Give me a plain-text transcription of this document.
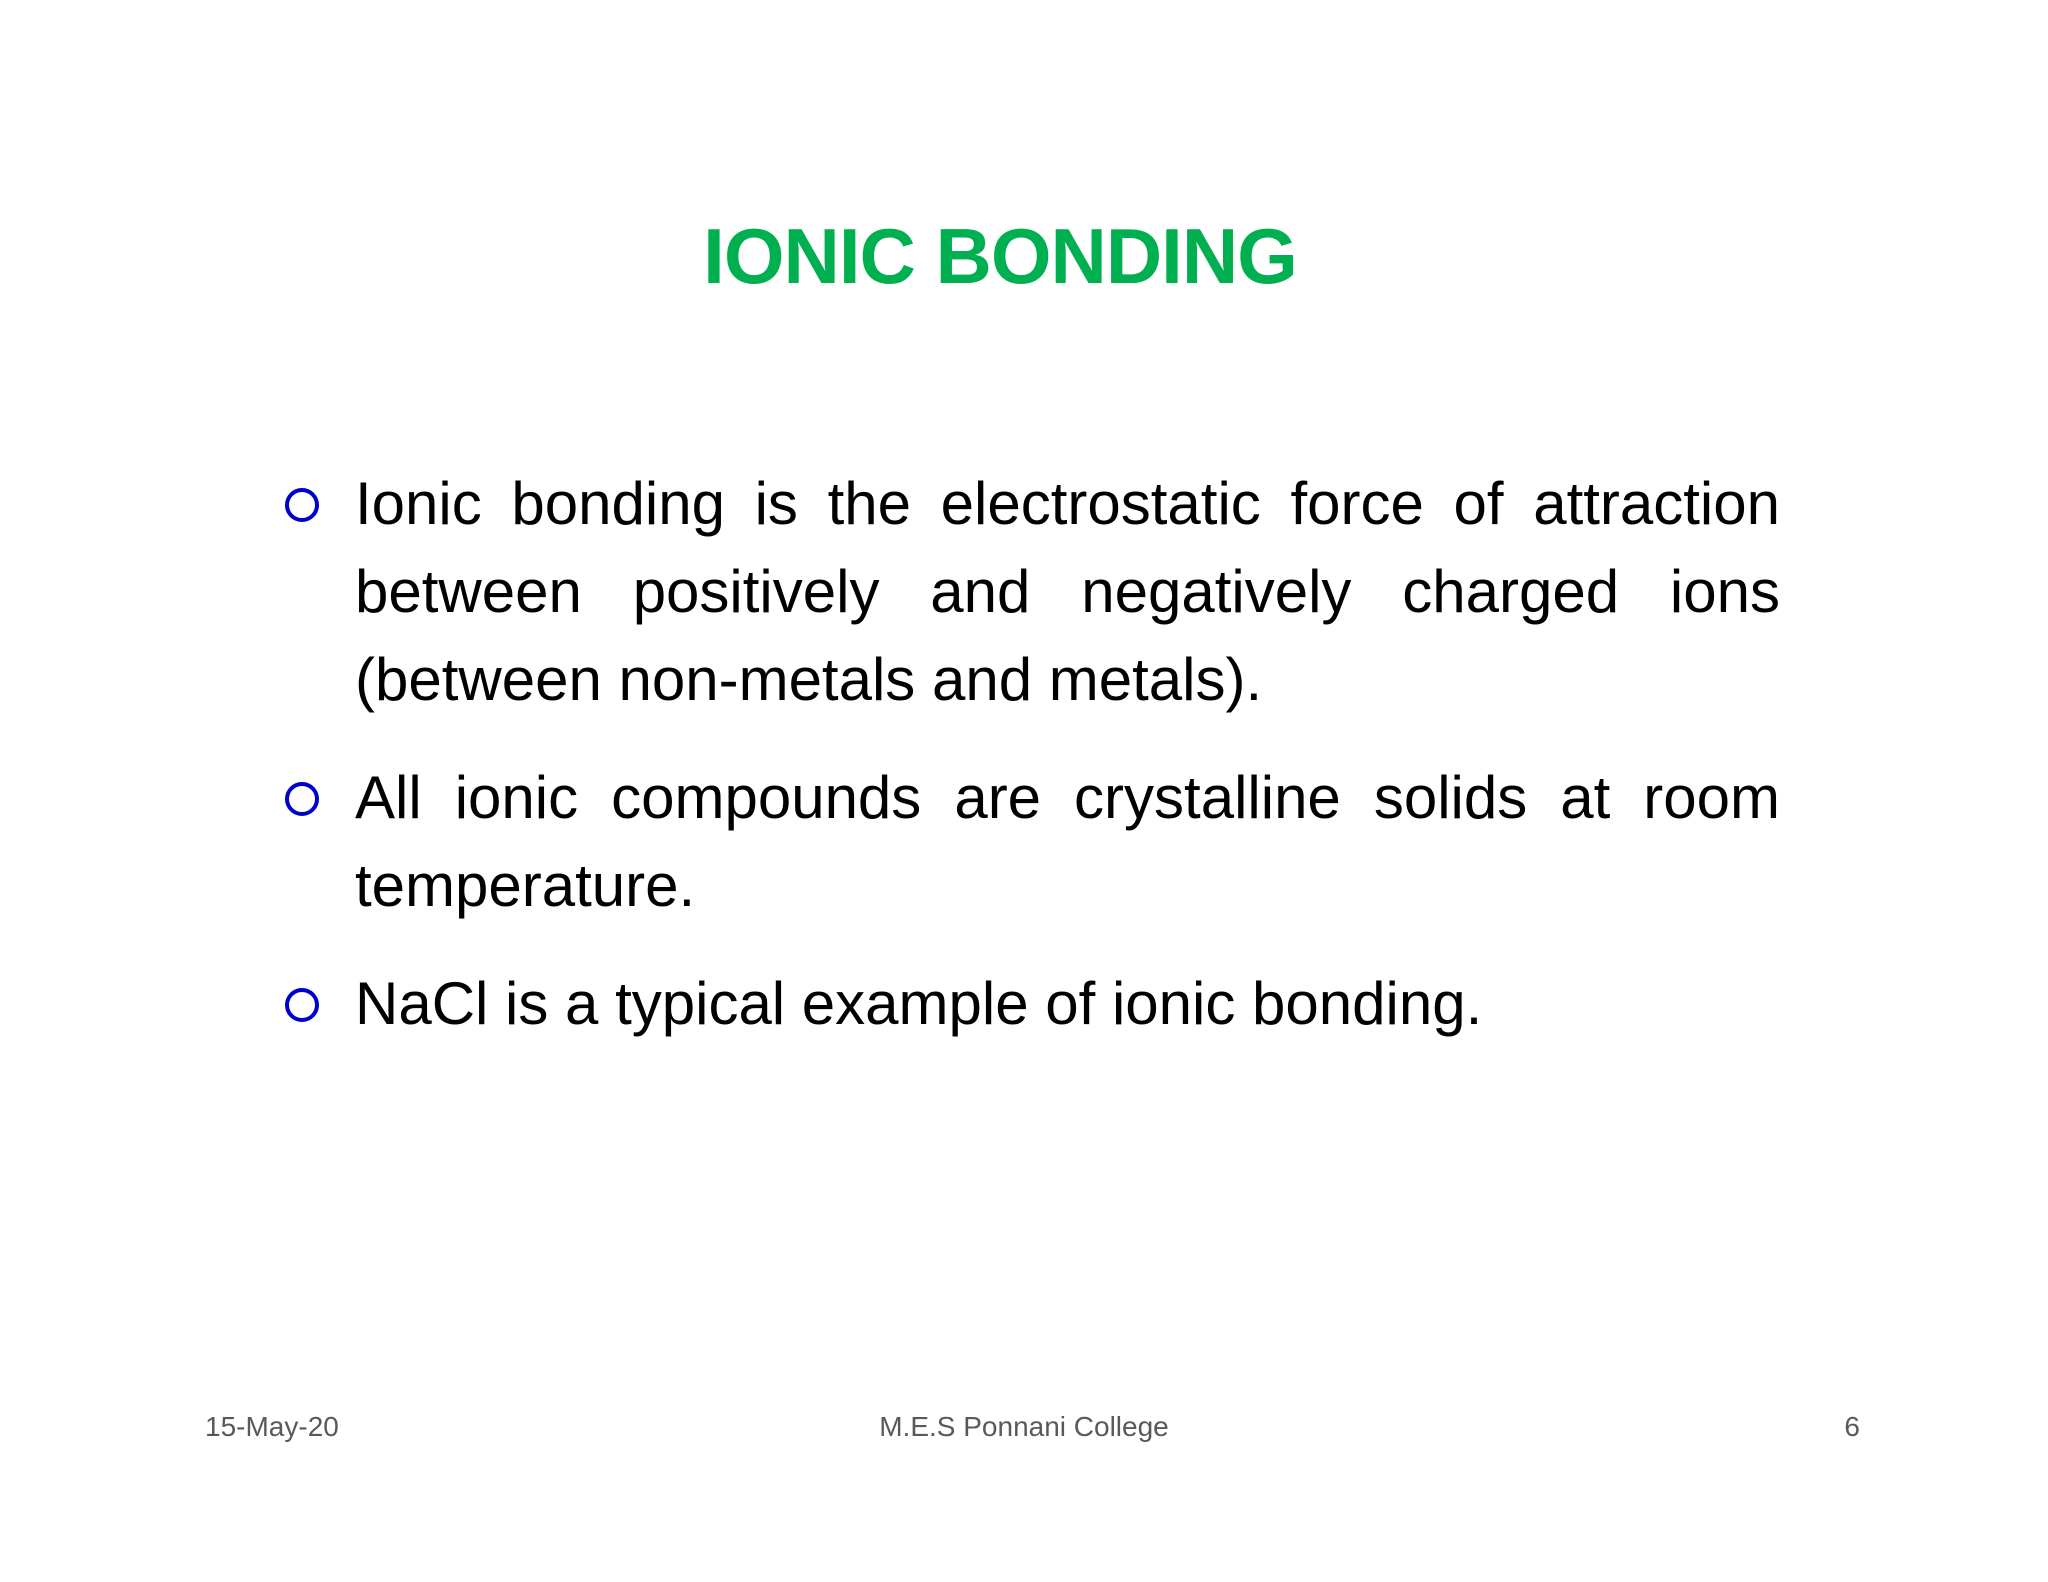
IONIC BONDING
Ionic bonding is the electrostatic force of attraction between positively and negatively charged ions (between non-metals and metals).
All ionic compounds are crystalline solids at room temperature.
NaCl is a typical example of ionic bonding.
15-May-20	M.E.S Ponnani College	6
